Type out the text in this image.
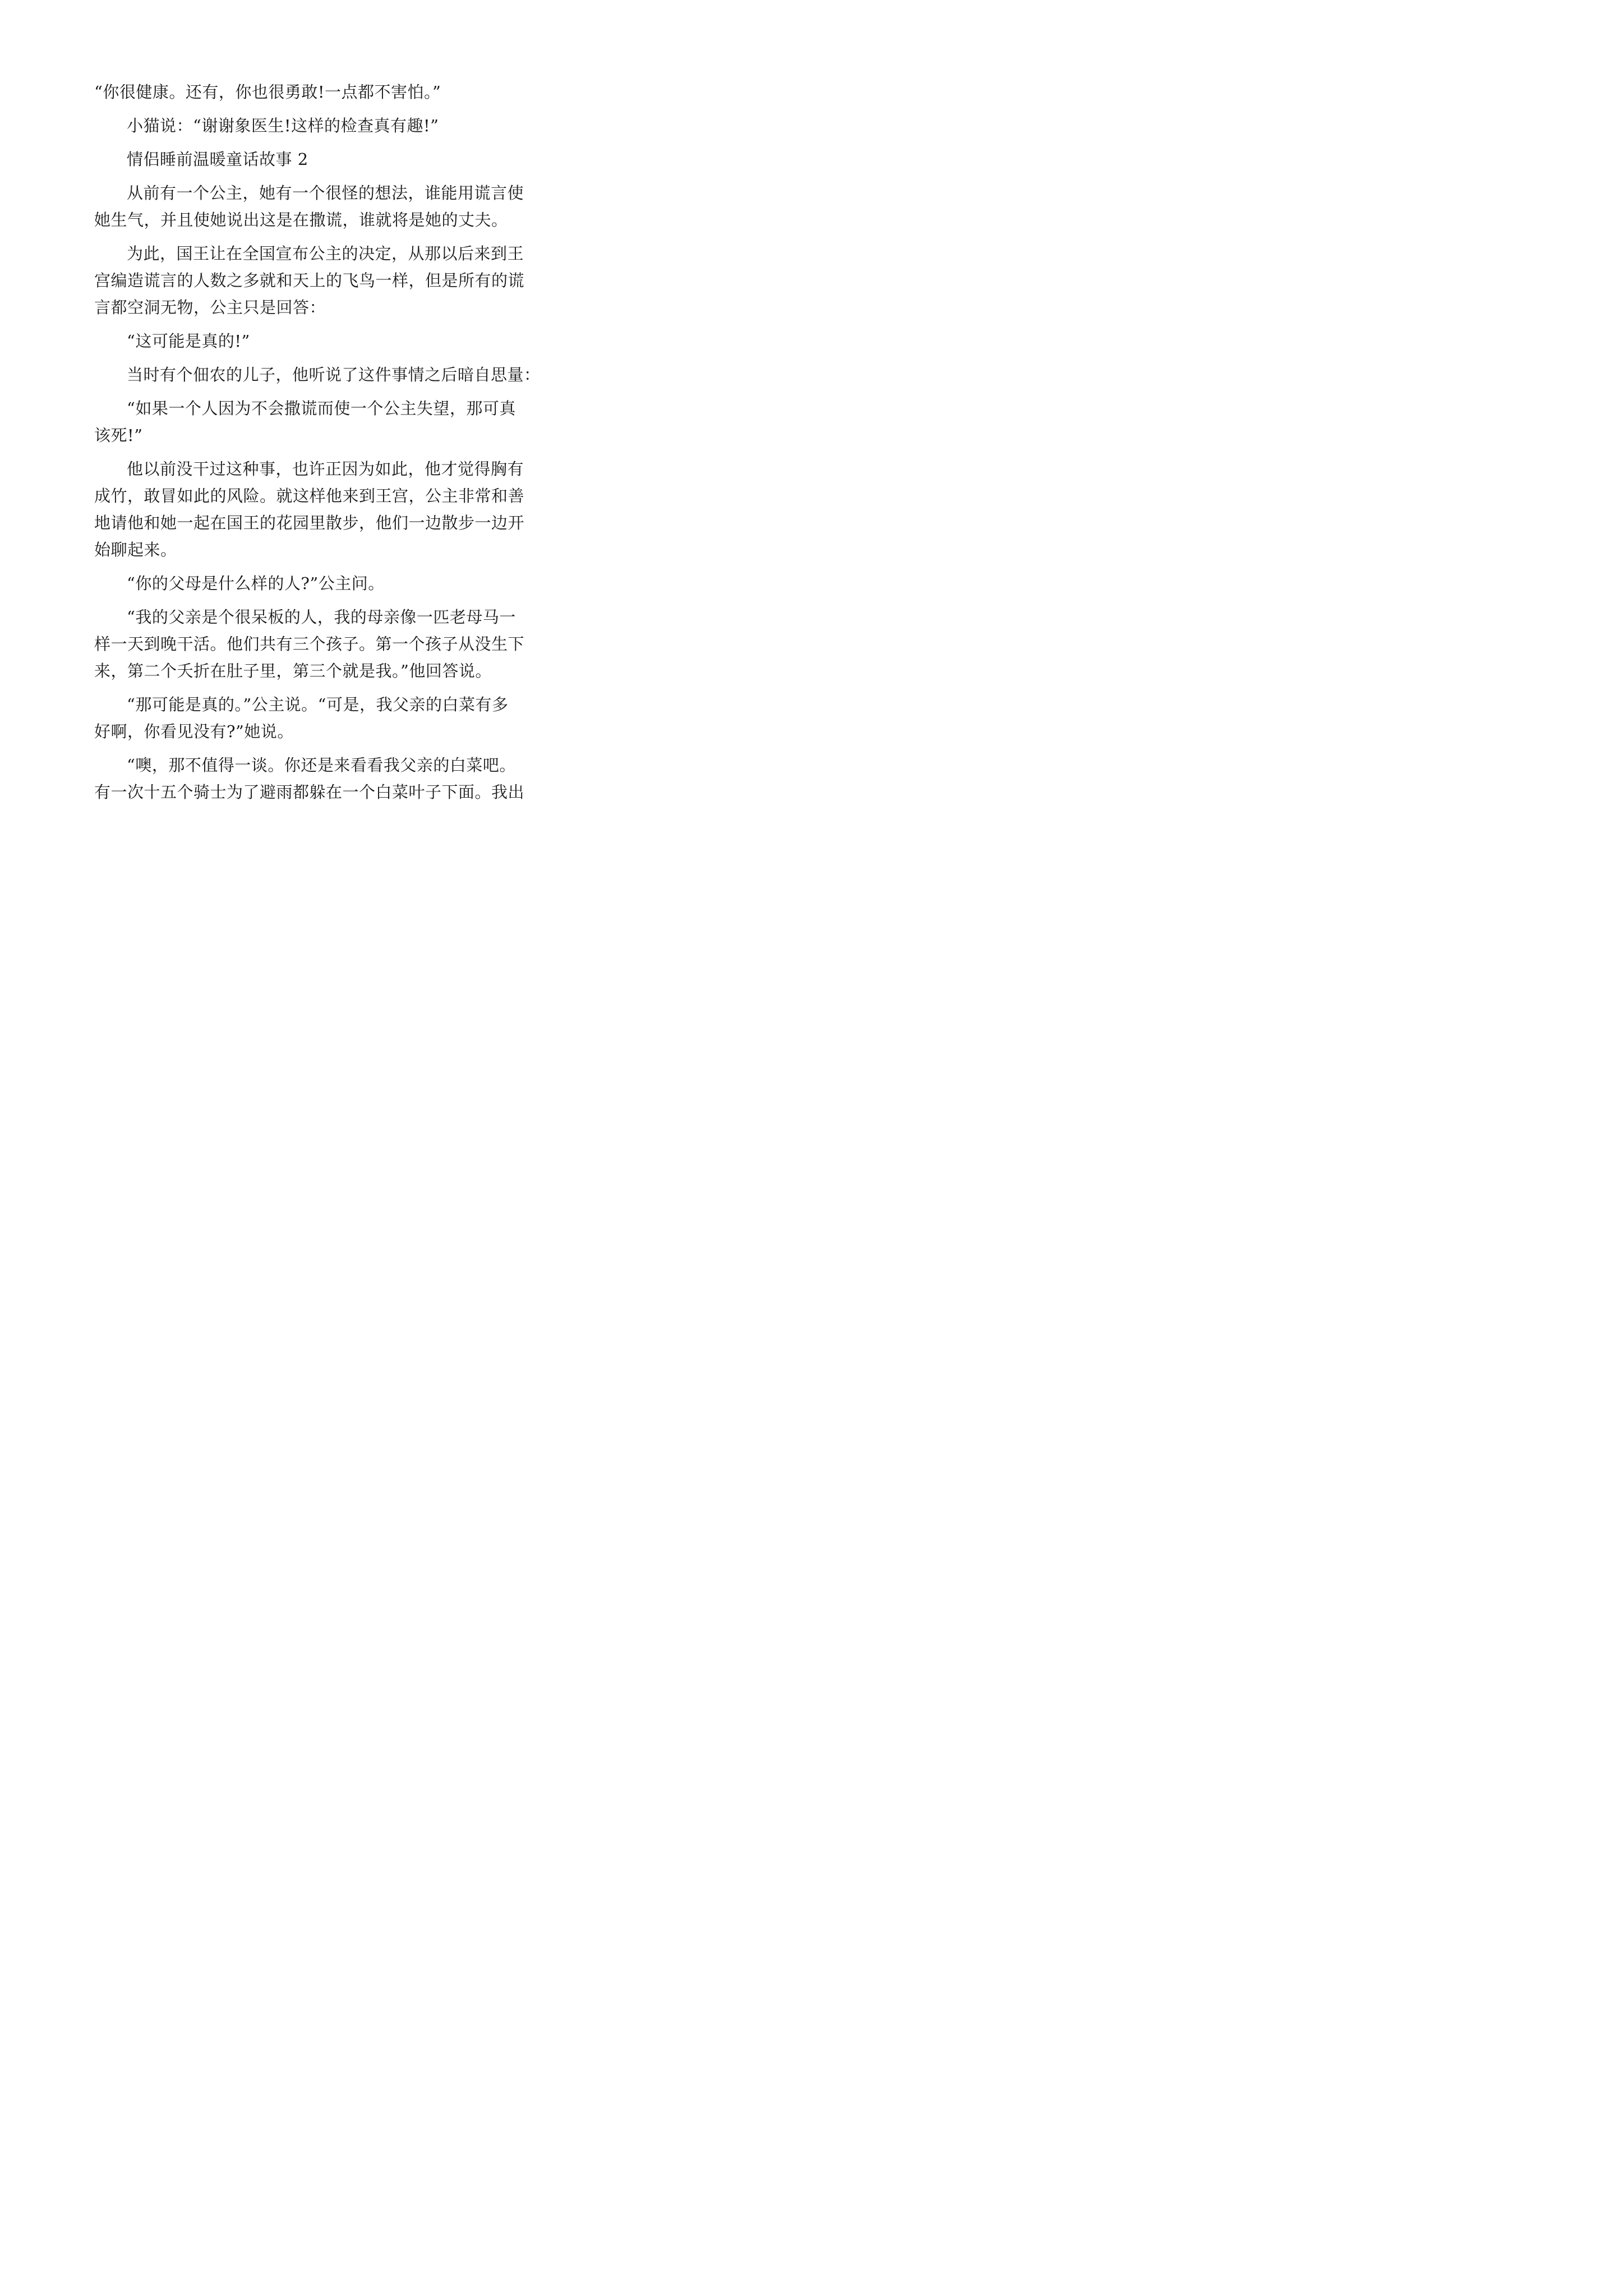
“你很健康。还有，你也很勇敢!一点都不害怕。”
小猫说：“谢谢象医生!这样的检查真有趣!”
情侣睡前温暖童话故事 2
从前有一个公主，她有一个很怪的想法，谁能用谎言使
她生气，并且使她说出这是在撒谎，谁就将是她的丈夫。
为此，国王让在全国宣布公主的决定，从那以后来到王
宫编造谎言的人数之多就和天上的飞鸟一样，但是所有的谎
言都空洞无物，公主只是回答：
“这可能是真的!”
当时有个佃农的儿子，他听说了这件事情之后暗自思量：
“如果一个人因为不会撒谎而使一个公主失望，那可真
该死!”
他以前没干过这种事，也许正因为如此，他才觉得胸有
成竹，敢冒如此的风险。就这样他来到王宫，公主非常和善
地请他和她一起在国王的花园里散步，他们一边散步一边开
始聊起来。
“你的父母是什么样的人?”公主问。
“我的父亲是个很呆板的人，我的母亲像一匹老母马一
样一天到晚干活。他们共有三个孩子。第一个孩子从没生下
来，第二个夭折在肚子里，第三个就是我。”他回答说。
“那可能是真的。”公主说。“可是，我父亲的白菜有多
好啊，你看见没有?”她说。
“噢，那不值得一谈。你还是来看看我父亲的白菜吧。
有一次十五个骑士为了避雨都躲在一个白菜叶子下面。我出
